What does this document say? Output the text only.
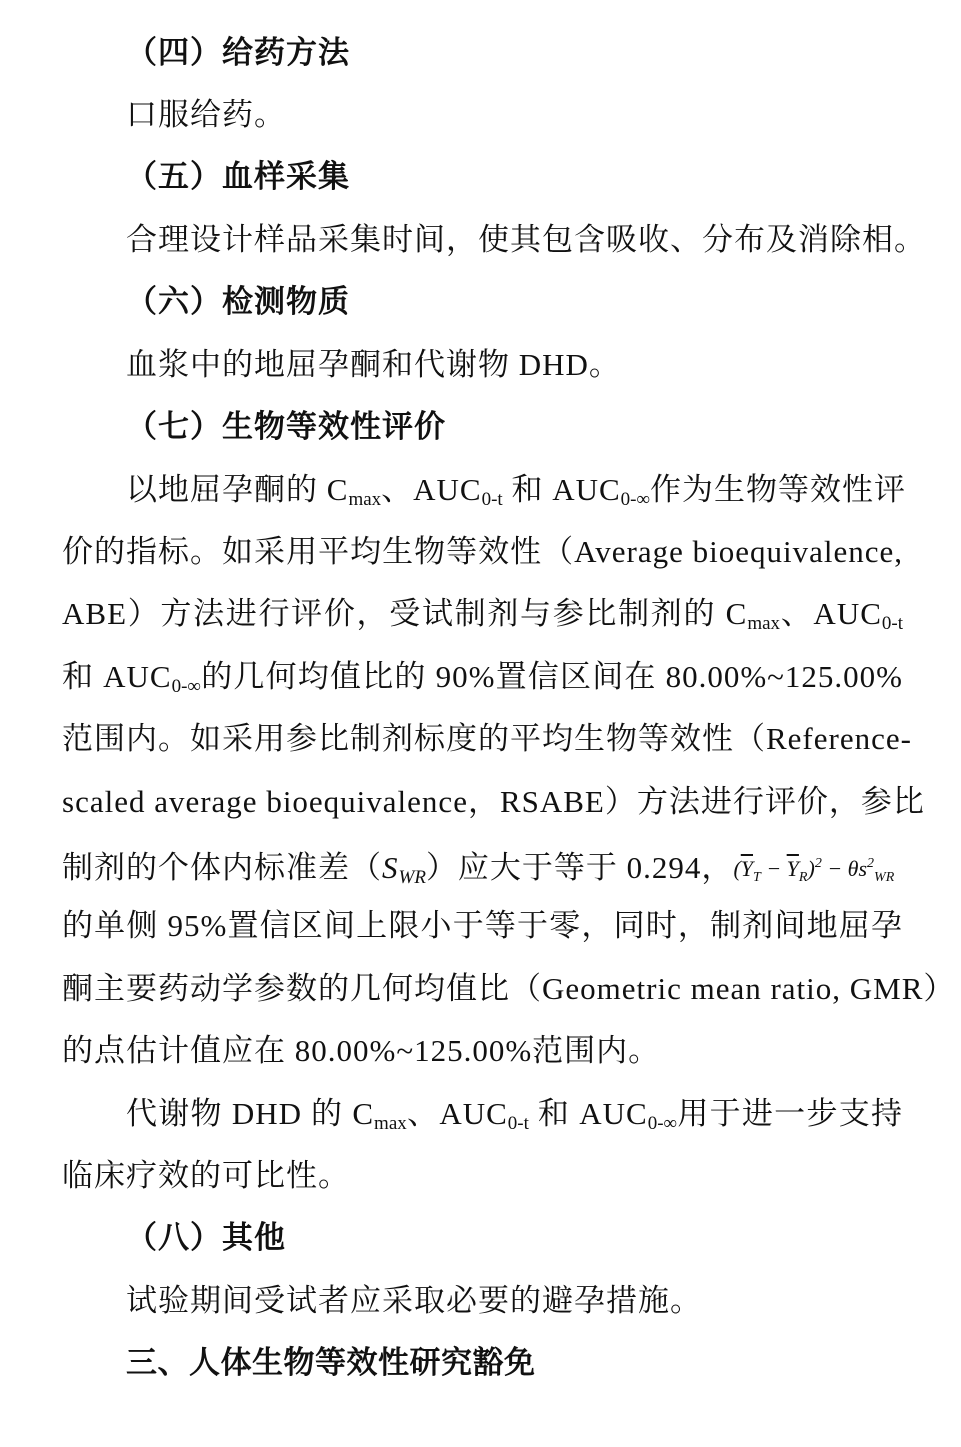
（四）给药方法
口服给药。
（五）血样采集
合理设计样品采集时间，使其包含吸收、分布及消除相。
（六）检测物质
血浆中的地屈孕酮和代谢物 DHD。
（七）生物等效性评价
以地屈孕酮的 $C_{max}$、$AUC_{0-t}$ 和 $AUC_{0-\infty}$作为生物等效性评
价的指标。如采用平均生物等效性（Average bioequivalence,
ABE）方法进行评价，受试制剂与参比制剂的 $C_{max}$、$AUC_{0-t}$
和 $AUC_{0-\infty}$的几何均值比的 90%置信区间在 80.00%~125.00%
范围内。如采用参比制剂标度的平均生物等效性（Reference-
scaled average bioequivalence，RSABE）方法进行评价，参比
制剂的个体内标准差$(S_{WR})$应大于等于 0.294，$(\overline{Y}_T - \overline{Y}_R)^2 - \theta s^2_{WR}$
的单侧 95%置信区间上限小于等于零，同时，制剂间地屈孕
酮主要药动学参数的几何均值比（Geometric mean ratio, GMR）
的点估计值应在 80.00%~125.00%范围内。
代谢物 DHD 的 $C_{max}$、$AUC_{0-t}$ 和 $AUC_{0-\infty}$用于进一步支持
临床疗效的可比性。
（八）其他
试验期间受试者应采取必要的避孕措施。
三、人体生物等效性研究豁免
